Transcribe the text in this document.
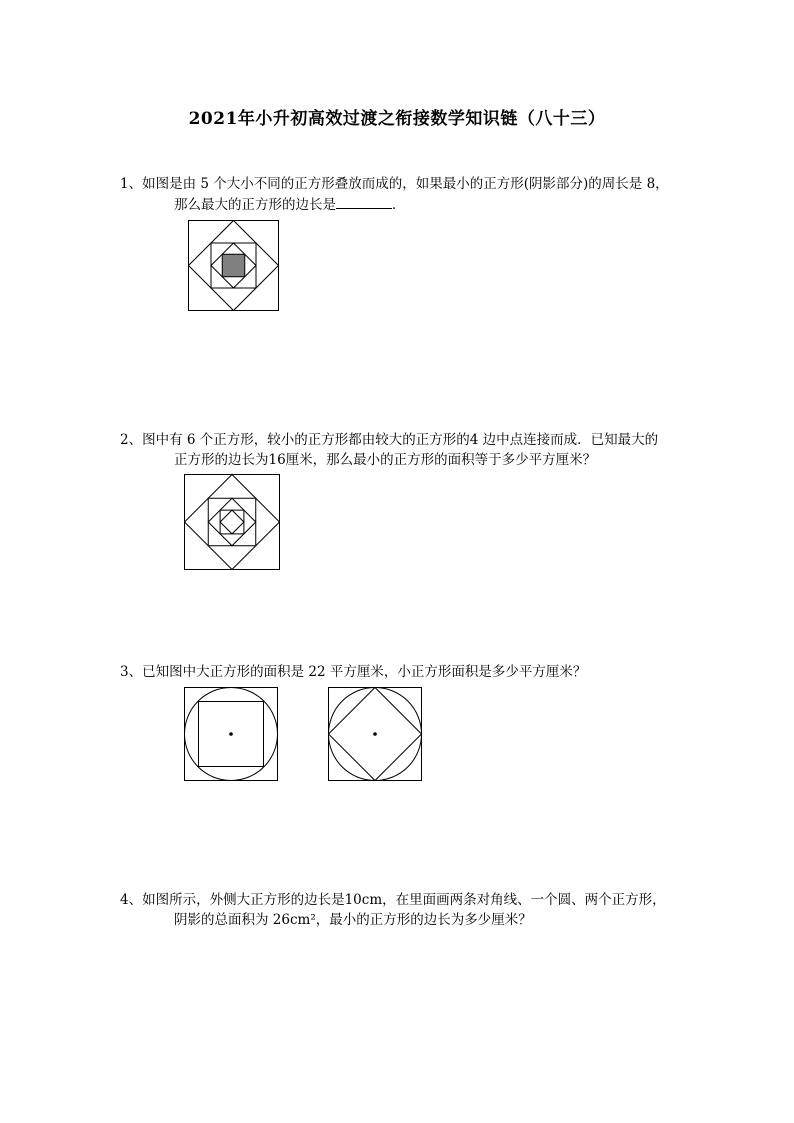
2021年小升初高效过渡之衔接数学知识链（八十三）
1、如图是由 5 个大小不同的正方形叠放而成的，如果最小的正方形(阴影部分)的周长是 8，
那么最大的正方形的边长是	．
2、图中有 6 个正方形，较小的正方形都由较大的正方形的4 边中点连接而成．已知最大的
正方形的边长为16厘米，那么最小的正方形的面积等于多少平方厘米？
3、已知图中大正方形的面积是 22 平方厘米，小正方形面积是多少平方厘米？
4、如图所示，外侧大正方形的边长是10cm，在里面画两条对角线、一个圆、两个正方形，
阴影的总面积为 26cm²，最小的正方形的边长为多少厘米？
